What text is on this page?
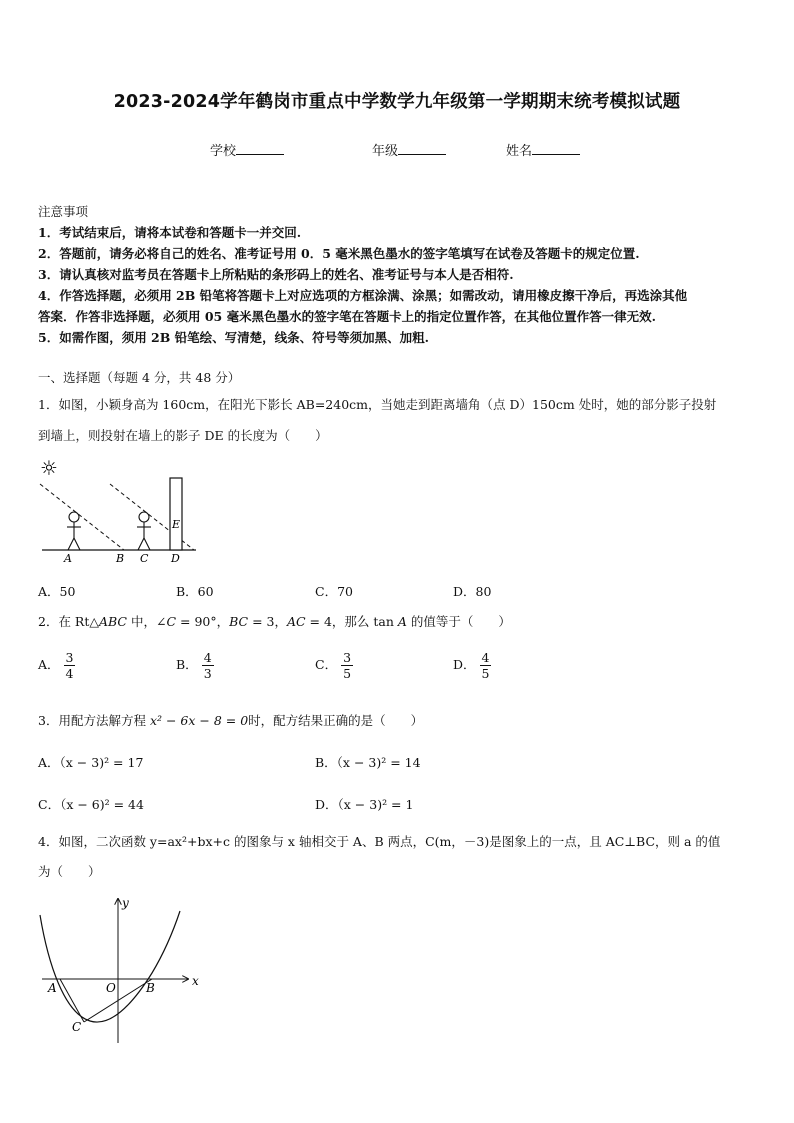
2023-2024学年鹤岗市重点中学数学九年级第一学期期末统考模拟试题
学校	年级	姓名
注意事项
1．考试结束后，请将本试卷和答题卡一并交回.
2．答题前，请务必将自己的姓名、准考证号用 0．5 毫米黑色墨水的签字笔填写在试卷及答题卡的规定位置.
3．请认真核对监考员在答题卡上所粘贴的条形码上的姓名、准考证号与本人是否相符.
4．作答选择题，必须用 2B 铅笔将答题卡上对应选项的方框涂满、涂黑；如需改动，请用橡皮擦干净后，再选涂其他
答案．作答非选择题，必须用 05 毫米黑色墨水的签字笔在答题卡上的指定位置作答，在其他位置作答一律无效.
5．如需作图，须用 2B 铅笔绘、写清楚，线条、符号等须加黑、加粗.
一、选择题（每题 4 分，共 48 分）
1．如图，小颖身高为 160cm，在阳光下影长 AB=240cm，当她走到距离墙角（点 D）150cm 处时，她的部分影子投射
到墙上，则投射在墙上的影子 DE 的长度为（　　）
☼
A	B C D
E
A．50	B．60	C．70	D．80
2．在 Rt△ABC 中，∠C = 90°，BC = 3，AC = 4，那么 tan A 的值等于（　　）
A． $\frac{3}{4}$	B． $\frac{4}{3}$	C． $\frac{3}{5}$	D． $\frac{4}{5}$
3．用配方法解方程 x² − 6x − 8 = 0时，配方结果正确的是（　　）
A．（x − 3)² = 17	B．（x − 3)² = 14
C．（x − 6)² = 44	D．（x − 3)² = 1
4．如图，二次函数 y=ax²+bx+c 的图象与 x 轴相交于 A、B 两点，C(m，－3)是图象上的一点，且 AC⊥BC，则 a 的值
为（　　）
y
x
A	O	B
C
